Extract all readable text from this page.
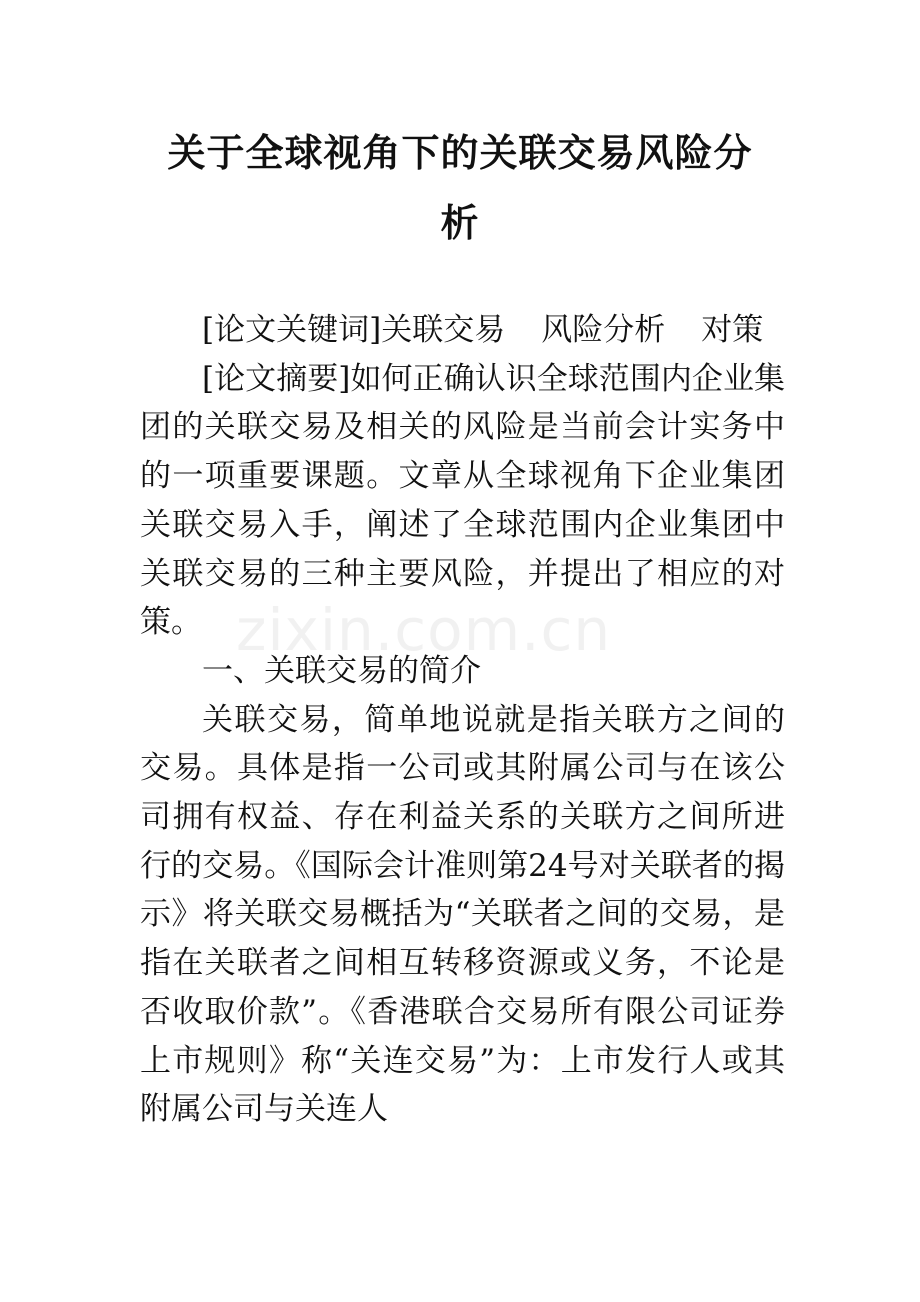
关于全球视角下的关联交易风险分析

[论文关键词]关联交易 风险分析 对策

[论文摘要]如何正确认识全球范围内企业集团的关联交易及相关的风险是当前会计实务中的一项重要课题。文章从全球视角下企业集团关联交易入手，阐述了全球范围内企业集团中关联交易的三种主要风险，并提出了相应的对策。

一、关联交易的简介

关联交易，简单地说就是指关联方之间的交易。具体是指一公司或其附属公司与在该公司拥有权益、存在利益关系的关联方之间所进行的交易。《国际会计准则第24号对关联者的揭示》将关联交易概括为“关联者之间的交易，是指在关联者之间相互转移资源或义务，不论是否收取价款”。《香港联合交易所有限公司证券上市规则》称“关连交易”为：上市发行人或其附属公司与关连人

zixin.com.cn
